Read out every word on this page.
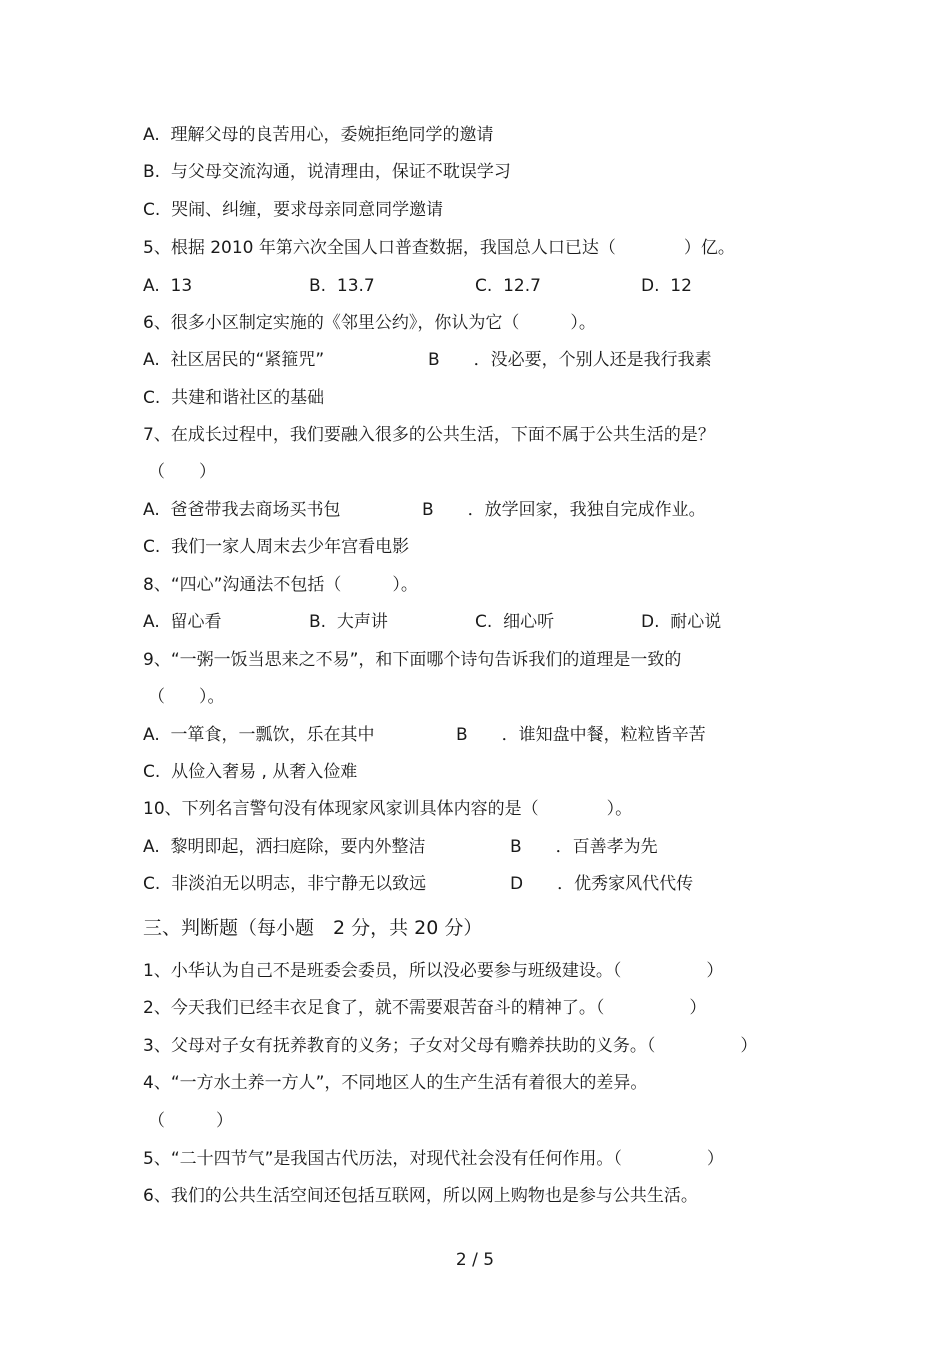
A.  理解父母的良苦用心，委婉拒绝同学的邀请
B.  与父母交流沟通，说清理由，保证不耽误学习
C.  哭闹、纠缠，要求母亲同意同学邀请
5、根据 2010 年第六次全国人口普查数据，我国总人口已达（　　　　）亿。
A.  13	B.  13.7	C.  12.7	D.  12
6、很多小区制定实施的《邻里公约》，你认为它（　　　）。
A.  社区居民的“紧箍咒”	B　　．没必要，个别人还是我行我素
C.  共建和谐社区的基础
7、在成长过程中，我们要融入很多的公共生活，下面不属于公共生活的是？
（　　）
A.  爸爸带我去商场买书包	B　　．放学回家，我独自完成作业。
C.  我们一家人周末去少年宫看电影
8、“四心”沟通法不包括（　　　）。
A.  留心看	B.  大声讲	C.  细心听	D.  耐心说
9、“一粥一饭当思来之不易”，和下面哪个诗句告诉我们的道理是一致的
（　　）。
A.  一箪食，一瓢饮，乐在其中	B　　．谁知盘中餐，粒粒皆辛苦
C.  从俭入奢易 , 从奢入俭难
10、下列名言警句没有体现家风家训具体内容的是（　　　　）。
A.  黎明即起，洒扫庭除，要内外整洁	B　　．百善孝为先
C.  非淡泊无以明志，非宁静无以致远	D　　．优秀家风代代传
三、判断题（每小题　2 分，共 20 分）
1、小华认为自己不是班委会委员，所以没必要参与班级建设。（　　　　　）
2、今天我们已经丰衣足食了，就不需要艰苦奋斗的精神了。（　　　　　）
3、父母对子女有抚养教育的义务；子女对父母有赡养扶助的义务。（　　　　　）
4、“一方水土养一方人”，不同地区人的生产生活有着很大的差异。
（　　　）
5、“二十四节气”是我国古代历法，对现代社会没有任何作用。（　　　　　）
6、我们的公共生活空间还包括互联网，所以网上购物也是参与公共生活。
2 / 5
